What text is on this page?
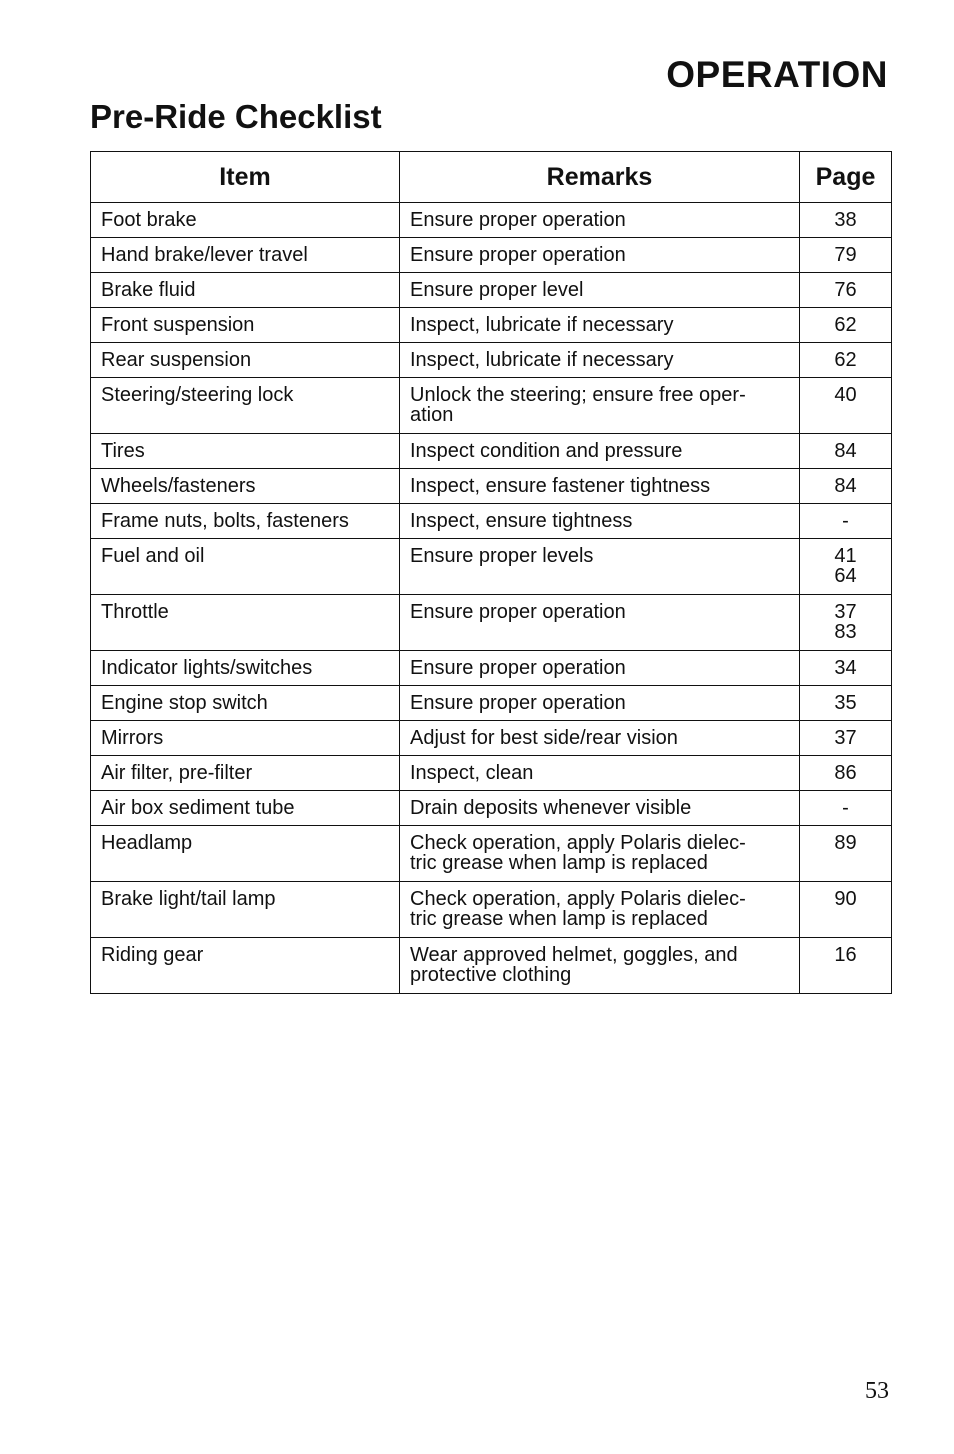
OPERATION
Pre-Ride Checklist
Item	Remarks	Page
Foot brake	Ensure proper operation	38

Hand brake/lever travel	Ensure proper operation	79

Brake fluid	Ensure proper level	76

Front suspension	Inspect, lubricate if necessary	62

Rear suspension	Inspect, lubricate if necessary	62

Steering/steering lock	Unlock the steering; ensure free oper-
ation	40

Tires	Inspect condition and pressure	84

Wheels/fasteners	Inspect, ensure fastener tightness	84

Frame nuts, bolts, fasteners	Inspect, ensure tightness	-

Fuel and oil	Ensure proper levels	41
64

Throttle	Ensure proper operation	37
83

Indicator lights/switches	Ensure proper operation	34

Engine stop switch	Ensure proper operation	35

Mirrors	Adjust for best side/rear vision	37

Air filter, pre-filter	Inspect, clean	86

Air box sediment tube	Drain deposits whenever visible	-

Headlamp	Check operation, apply Polaris dielec-
tric grease when lamp is replaced	89

Brake light/tail lamp	Check operation, apply Polaris dielec-
tric grease when lamp is replaced	90

Riding gear	Wear approved helmet, goggles, and
protective clothing	16
53
